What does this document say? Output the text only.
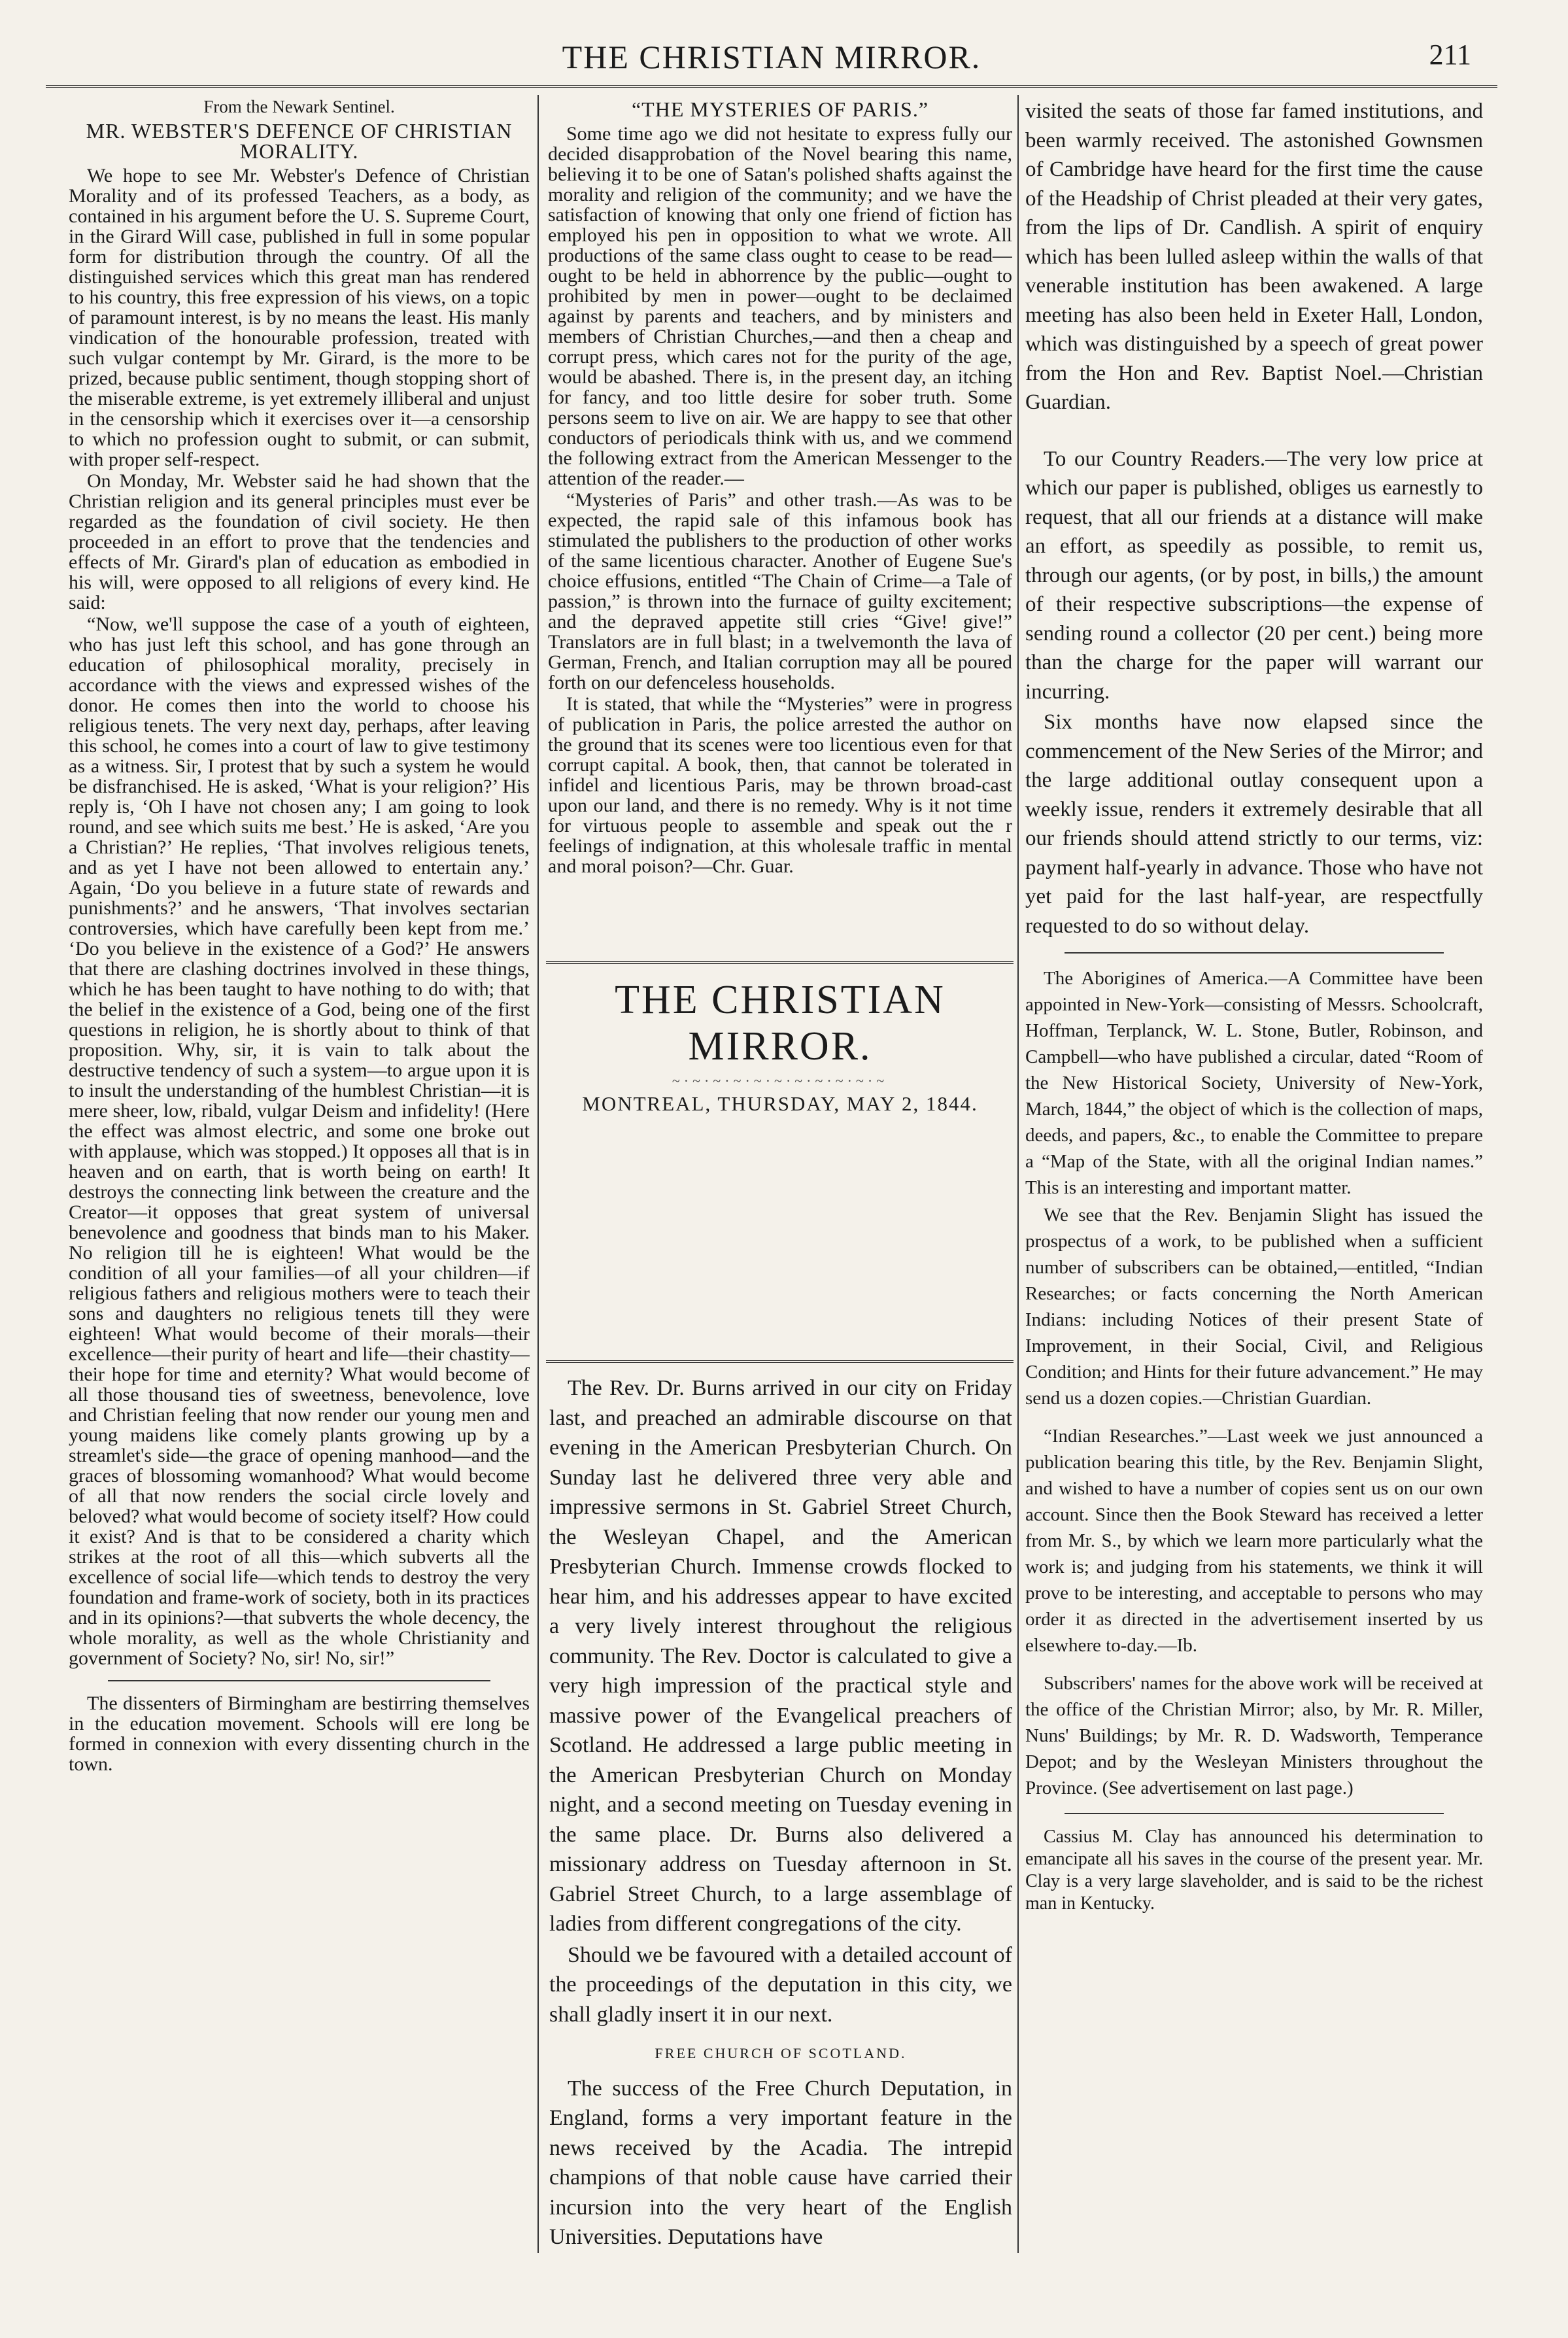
THE CHRISTIAN MIRROR.	211
From the Newark Sentinel.
MR. WEBSTER'S DEFENCE OF CHRISTIAN MORALITY.

We hope to see Mr. Webster's Defence of Christian Morality and of its professed Teachers, as a body, as contained in his argument before the U. S. Supreme Court, in the Girard Will case, published in full in some popular form for distribution through the country. Of all the distinguished services which this great man has rendered to his country, this free expression of his views, on a topic of paramount interest, is by no means the least. His manly vindication of the honourable profession, treated with such vulgar contempt by Mr. Girard, is the more to be prized, because public sentiment, though stopping short of the miserable extreme, is yet extremely illiberal and unjust in the censorship which it exercises over it—a censorship to which no profession ought to submit, or can submit, with proper self-respect.

On Monday, Mr. Webster said he had shown that the Christian religion and its general principles must ever be regarded as the foundation of civil society. He then proceeded in an effort to prove that the tendencies and effects of Mr. Girard's plan of education as embodied in his will, were opposed to all religions of every kind. He said:

“Now, we'll suppose the case of a youth of eighteen, who has just left this school, and has gone through an education of philosophical morality, precisely in accordance with the views and expressed wishes of the donor. He comes then into the world to choose his religious tenets. The very next day, perhaps, after leaving this school, he comes into a court of law to give testimony as a witness. Sir, I protest that by such a system he would be disfranchised. He is asked, ‘What is your religion?’ His reply is, ‘Oh I have not chosen any; I am going to look round, and see which suits me best.’ He is asked, ‘Are you a Christian?’ He replies, ‘That involves religious tenets, and as yet I have not been allowed to entertain any.’ Again, ‘Do you believe in a future state of rewards and punishments?’ and he answers, ‘That involves sectarian controversies, which have carefully been kept from me.’ ‘Do you believe in the existence of a God?’ He answers that there are clashing doctrines involved in these things, which he has been taught to have nothing to do with; that the belief in the existence of a God, being one of the first questions in religion, he is shortly about to think of that proposition. Why, sir, it is vain to talk about the destructive tendency of such a system—to argue upon it is to insult the understanding of the humblest Christian—it is mere sheer, low, ribald, vulgar Deism and infidelity! (Here the effect was almost electric, and some one broke out with applause, which was stopped.) It opposes all that is in heaven and on earth, that is worth being on earth! It destroys the connecting link between the creature and the Creator—it opposes that great system of universal benevolence and goodness that binds man to his Maker. No religion till he is eighteen! What would be the condition of all your families—of all your children—if religious fathers and religious mothers were to teach their sons and daughters no religious tenets till they were eighteen! What would become of their morals—their excellence—their purity of heart and life—their chastity—their hope for time and eternity? What would become of all those thousand ties of sweetness, benevolence, love and Christian feeling that now render our young men and young maidens like comely plants growing up by a streamlet's side—the grace of opening manhood—and the graces of blossoming womanhood? What would become of all that now renders the social circle lovely and beloved? what would become of society itself? How could it exist? And is that to be considered a charity which strikes at the root of all this—which subverts all the excellence of social life—which tends to destroy the very foundation and frame-work of society, both in its practices and in its opinions?—that subverts the whole decency, the whole morality, as well as the whole Christianity and government of Society? No, sir! No, sir!”

The dissenters of Birmingham are bestirring themselves in the education movement. Schools will ere long be formed in connexion with every dissenting church in the town.

“THE MYSTERIES OF PARIS.”

Some time ago we did not hesitate to express fully our decided disapprobation of the Novel bearing this name, believing it to be one of Satan's polished shafts against the morality and religion of the community; and we have the satisfaction of knowing that only one friend of fiction has employed his pen in opposition to what we wrote. All productions of the same class ought to cease to be read—ought to be held in abhorrence by the public—ought to prohibited by men in power—ought to be declaimed against by parents and teachers, and by ministers and members of Christian Churches,—and then a cheap and corrupt press, which cares not for the purity of the age, would be abashed. There is, in the present day, an itching for fancy, and too little desire for sober truth. Some persons seem to live on air. We are happy to see that other conductors of periodicals think with us, and we commend the following extract from the American Messenger to the attention of the reader.—

“Mysteries of Paris” and other trash.—As was to be expected, the rapid sale of this infamous book has stimulated the publishers to the production of other works of the same licentious character. Another of Eugene Sue's choice effusions, entitled “The Chain of Crime—a Tale of passion,” is thrown into the furnace of guilty excitement; and the depraved appetite still cries “Give! give!” Translators are in full blast; in a twelvemonth the lava of German, French, and Italian corruption may all be poured forth on our defenceless households.

It is stated, that while the “Mysteries” were in progress of publication in Paris, the police arrested the author on the ground that its scenes were too licentious even for that corrupt capital. A book, then, that cannot be tolerated in infidel and licentious Paris, may be thrown broad-cast upon our land, and there is no remedy. Why is it not time for virtuous people to assemble and speak out the r feelings of indignation, at this wholesale traffic in mental and moral poison?—Chr. Guar.

THE CHRISTIAN MIRROR.
~·~·~·~·~·~·~·~·~·~·~
MONTREAL, THURSDAY, MAY 2, 1844.

The Rev. Dr. Burns arrived in our city on Friday last, and preached an admirable discourse on that evening in the American Presbyterian Church. On Sunday last he delivered three very able and impressive sermons in St. Gabriel Street Church, the Wesleyan Chapel, and the American Presbyterian Church. Immense crowds flocked to hear him, and his addresses appear to have excited a very lively interest throughout the religious community. The Rev. Doctor is calculated to give a very high impression of the practical style and massive power of the Evangelical preachers of Scotland. He addressed a large public meeting in the American Presbyterian Church on Monday night, and a second meeting on Tuesday evening in the same place. Dr. Burns also delivered a missionary address on Tuesday afternoon in St. Gabriel Street Church, to a large assemblage of ladies from different congregations of the city.

Should we be favoured with a detailed account of the proceedings of the deputation in this city, we shall gladly insert it in our next.

FREE CHURCH OF SCOTLAND.

The success of the Free Church Deputation, in England, forms a very important feature in the news received by the Acadia. The intrepid champions of that noble cause have carried their incursion into the very heart of the English Universities. Deputations have

visited the seats of those far famed institutions, and been warmly received. The astonished Gownsmen of Cambridge have heard for the first time the cause of the Headship of Christ pleaded at their very gates, from the lips of Dr. Candlish. A spirit of enquiry which has been lulled asleep within the walls of that venerable institution has been awakened. A large meeting has also been held in Exeter Hall, London, which was distinguished by a speech of great power from the Hon and Rev. Baptist Noel.—Christian Guardian.

To our Country Readers.—The very low price at which our paper is published, obliges us earnestly to request, that all our friends at a distance will make an effort, as speedily as possible, to remit us, through our agents, (or by post, in bills,) the amount of their respective subscriptions—the expense of sending round a collector (20 per cent.) being more than the charge for the paper will warrant our incurring.

Six months have now elapsed since the commencement of the New Series of the Mirror; and the large additional outlay consequent upon a weekly issue, renders it extremely desirable that all our friends should attend strictly to our terms, viz: payment half-yearly in advance. Those who have not yet paid for the last half-year, are respectfully requested to do so without delay.

The Aborigines of America.—A Committee have been appointed in New-York—consisting of Messrs. Schoolcraft, Hoffman, Terplanck, W. L. Stone, Butler, Robinson, and Campbell—who have published a circular, dated “Room of the New Historical Society, University of New-York, March, 1844,” the object of which is the collection of maps, deeds, and papers, &c., to enable the Committee to prepare a “Map of the State, with all the original Indian names.” This is an interesting and important matter.

We see that the Rev. Benjamin Slight has issued the prospectus of a work, to be published when a sufficient number of subscribers can be obtained,—entitled, “Indian Researches; or facts concerning the North American Indians: including Notices of their present State of Improvement, in their Social, Civil, and Religious Condition; and Hints for their future advancement.” He may send us a dozen copies.—Christian Guardian.

“Indian Researches.”—Last week we just announced a publication bearing this title, by the Rev. Benjamin Slight, and wished to have a number of copies sent us on our own account. Since then the Book Steward has received a letter from Mr. S., by which we learn more particularly what the work is; and judging from his statements, we think it will prove to be interesting, and acceptable to persons who may order it as directed in the advertisement inserted by us elsewhere to-day.—Ib.

Subscribers' names for the above work will be received at the office of the Christian Mirror; also, by Mr. R. Miller, Nuns' Buildings; by Mr. R. D. Wadsworth, Temperance Depot; and by the Wesleyan Ministers throughout the Province. (See advertisement on last page.)

Cassius M. Clay has announced his determination to emancipate all his saves in the course of the present year. Mr. Clay is a very large slaveholder, and is said to be the richest man in Kentucky.
